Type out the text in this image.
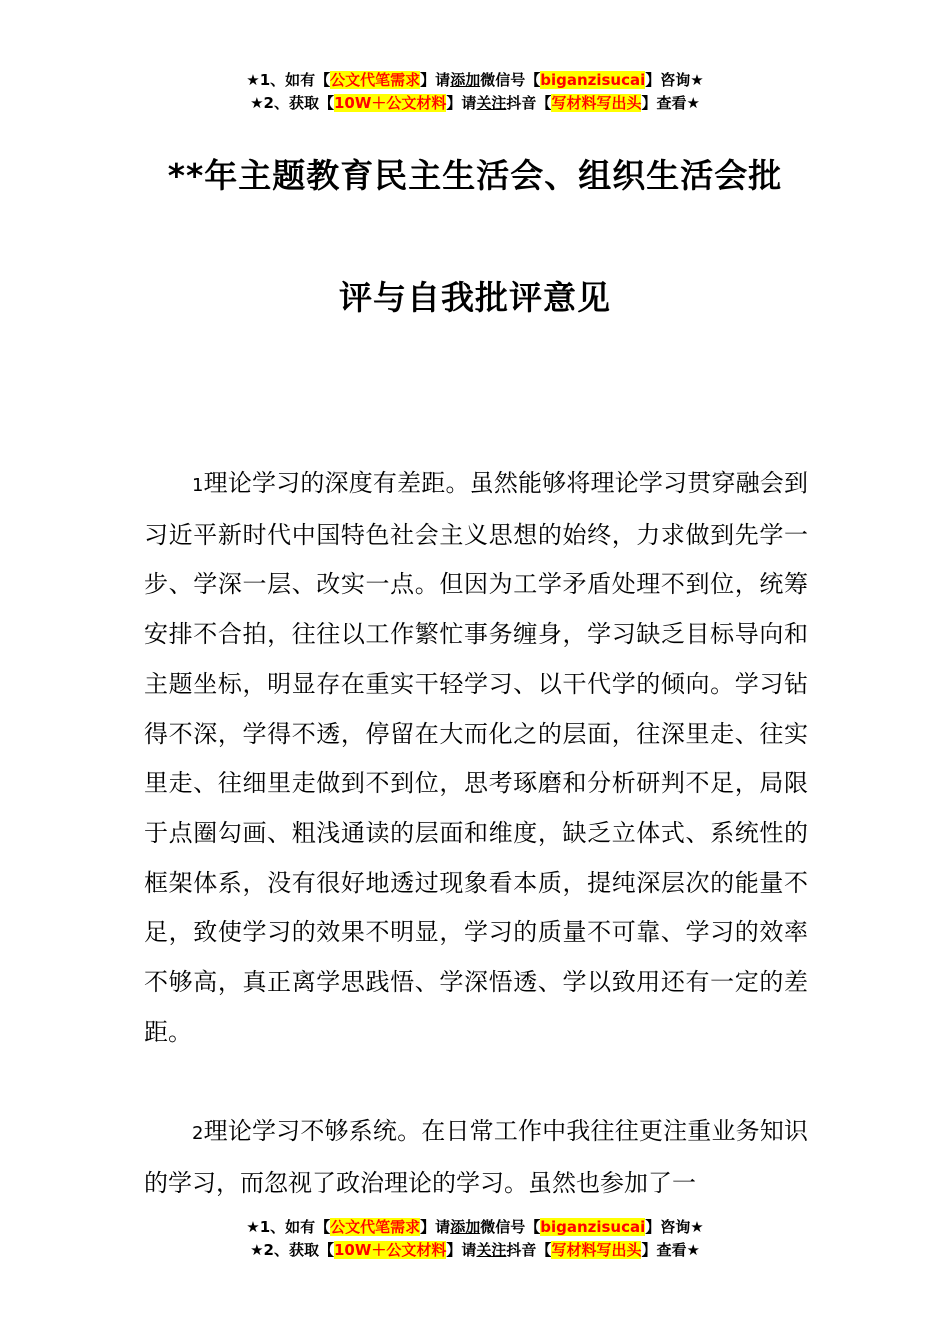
★1、如有【公文代笔需求】请添加微信号【biganzisucai】咨询★
★2、获取【10W＋公文材料】请关注抖音【写材料写出头】查看★
**年主题教育民主生活会、组织生活会批
评与自我批评意见

1理论学习的深度有差距。虽然能够将理论学习贯穿融会到习近平新时代中国特色社会主义思想的始终，力求做到先学一步、学深一层、改实一点。但因为工学矛盾处理不到位，统筹安排不合拍，往往以工作繁忙事务缠身，学习缺乏目标导向和主题坐标，明显存在重实干轻学习、以干代学的倾向。学习钻得不深，学得不透，停留在大而化之的层面，往深里走、往实里走、往细里走做到不到位，思考琢磨和分析研判不足，局限于点圈勾画、粗浅通读的层面和维度，缺乏立体式、系统性的框架体系，没有很好地透过现象看本质，提纯深层次的能量不足，致使学习的效果不明显，学习的质量不可靠、学习的效率不够高，真正离学思践悟、学深悟透、学以致用还有一定的差距。

2理论学习不够系统。在日常工作中我往往更注重业务知识的学习，而忽视了政治理论的学习。虽然也参加了一

★1、如有【公文代笔需求】请添加微信号【biganzisucai】咨询★
★2、获取【10W＋公文材料】请关注抖音【写材料写出头】查看★
